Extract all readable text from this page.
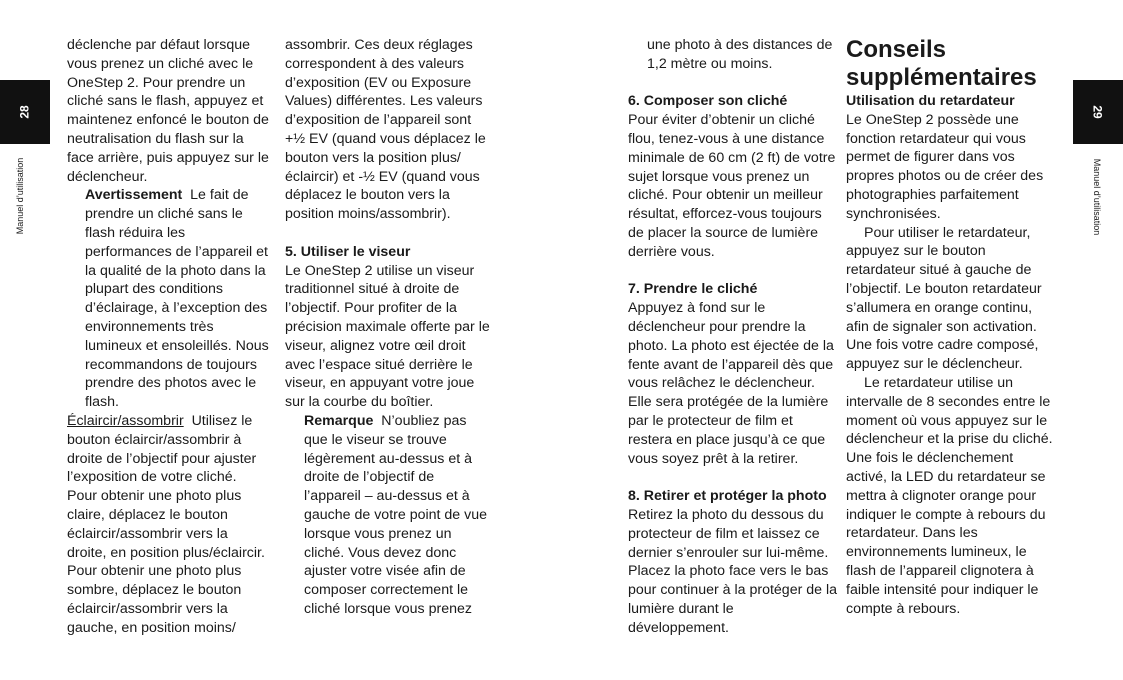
28
Manuel d’utilisation
29
Manuel d’utilisation

déclenche par défaut lorsque vous prenez un cliché avec le OneStep 2. Pour prendre un cliché sans le flash, appuyez et maintenez enfoncé le bouton de neutralisation du flash sur la face arrière, puis appuyez sur le déclencheur.

Avertissement Le fait de prendre un cliché sans le flash réduira les performances de l’appareil et la qualité de la photo dans la plupart des conditions d’éclairage, à l’exception des environnements très lumineux et ensoleillés. Nous recommandons de toujours prendre des photos avec le flash.

Éclaircir/assombrir Utilisez le bouton éclaircir/assombrir à droite de l’objectif pour ajuster l’exposition de votre cliché. Pour obtenir une photo plus claire, déplacez le bouton éclaircir/assombrir vers la droite, en position plus/éclaircir. Pour obtenir une photo plus sombre, déplacez le bouton éclaircir/assombrir vers la gauche, en position moins/

assombrir. Ces deux réglages correspondent à des valeurs d’exposition (EV ou Exposure Values) différentes. Les valeurs d’exposition de l’appareil sont +½ EV (quand vous déplacez le bouton vers la position plus/éclaircir) et -½ EV (quand vous déplacez le bouton vers la position moins/assombrir).

5. Utiliser le viseur

Le OneStep 2 utilise un viseur traditionnel situé à droite de l’objectif. Pour profiter de la précision maximale offerte par le viseur, alignez votre œil droit avec l’espace situé derrière le viseur, en appuyant votre joue sur la courbe du boîtier.

Remarque N’oubliez pas que le viseur se trouve légèrement au-dessus et à droite de l’objectif de l’appareil – au-dessus et à gauche de votre point de vue lorsque vous prenez un cliché. Vous devez donc ajuster votre visée afin de composer correctement le cliché lorsque vous prenez

une photo à des distances de 1,2 mètre ou moins.

6. Composer son cliché

Pour éviter d’obtenir un cliché flou, tenez-vous à une distance minimale de 60 cm (2 ft) de votre sujet lorsque vous prenez un cliché. Pour obtenir un meilleur résultat, efforcez-vous toujours de placer la source de lumière derrière vous.

7. Prendre le cliché

Appuyez à fond sur le déclencheur pour prendre la photo. La photo est éjectée de la fente avant de l’appareil dès que vous relâchez le déclencheur. Elle sera protégée de la lumière par le protecteur de film et restera en place jusqu’à ce que vous soyez prêt à la retirer.

8. Retirer et protéger la photo

Retirez la photo du dessous du protecteur de film et laissez ce dernier s’enrouler sur lui-même. Placez la photo face vers le bas pour continuer à la protéger de la lumière durant le développement.

Conseils supplémentaires

Utilisation du retardateur

Le OneStep 2 possède une fonction retardateur qui vous permet de figurer dans vos propres photos ou de créer des photographies parfaitement synchronisées.

Pour utiliser le retardateur, appuyez sur le bouton retardateur situé à gauche de l’objectif. Le bouton retardateur s’allumera en orange continu, afin de signaler son activation. Une fois votre cadre composé, appuyez sur le déclencheur.

Le retardateur utilise un intervalle de 8 secondes entre le moment où vous appuyez sur le déclencheur et la prise du cliché. Une fois le déclenchement activé, la LED du retardateur se mettra à clignoter orange pour indiquer le compte à rebours du retardateur. Dans les environnements lumineux, le flash de l’appareil clignotera à faible intensité pour indiquer le compte à rebours.
